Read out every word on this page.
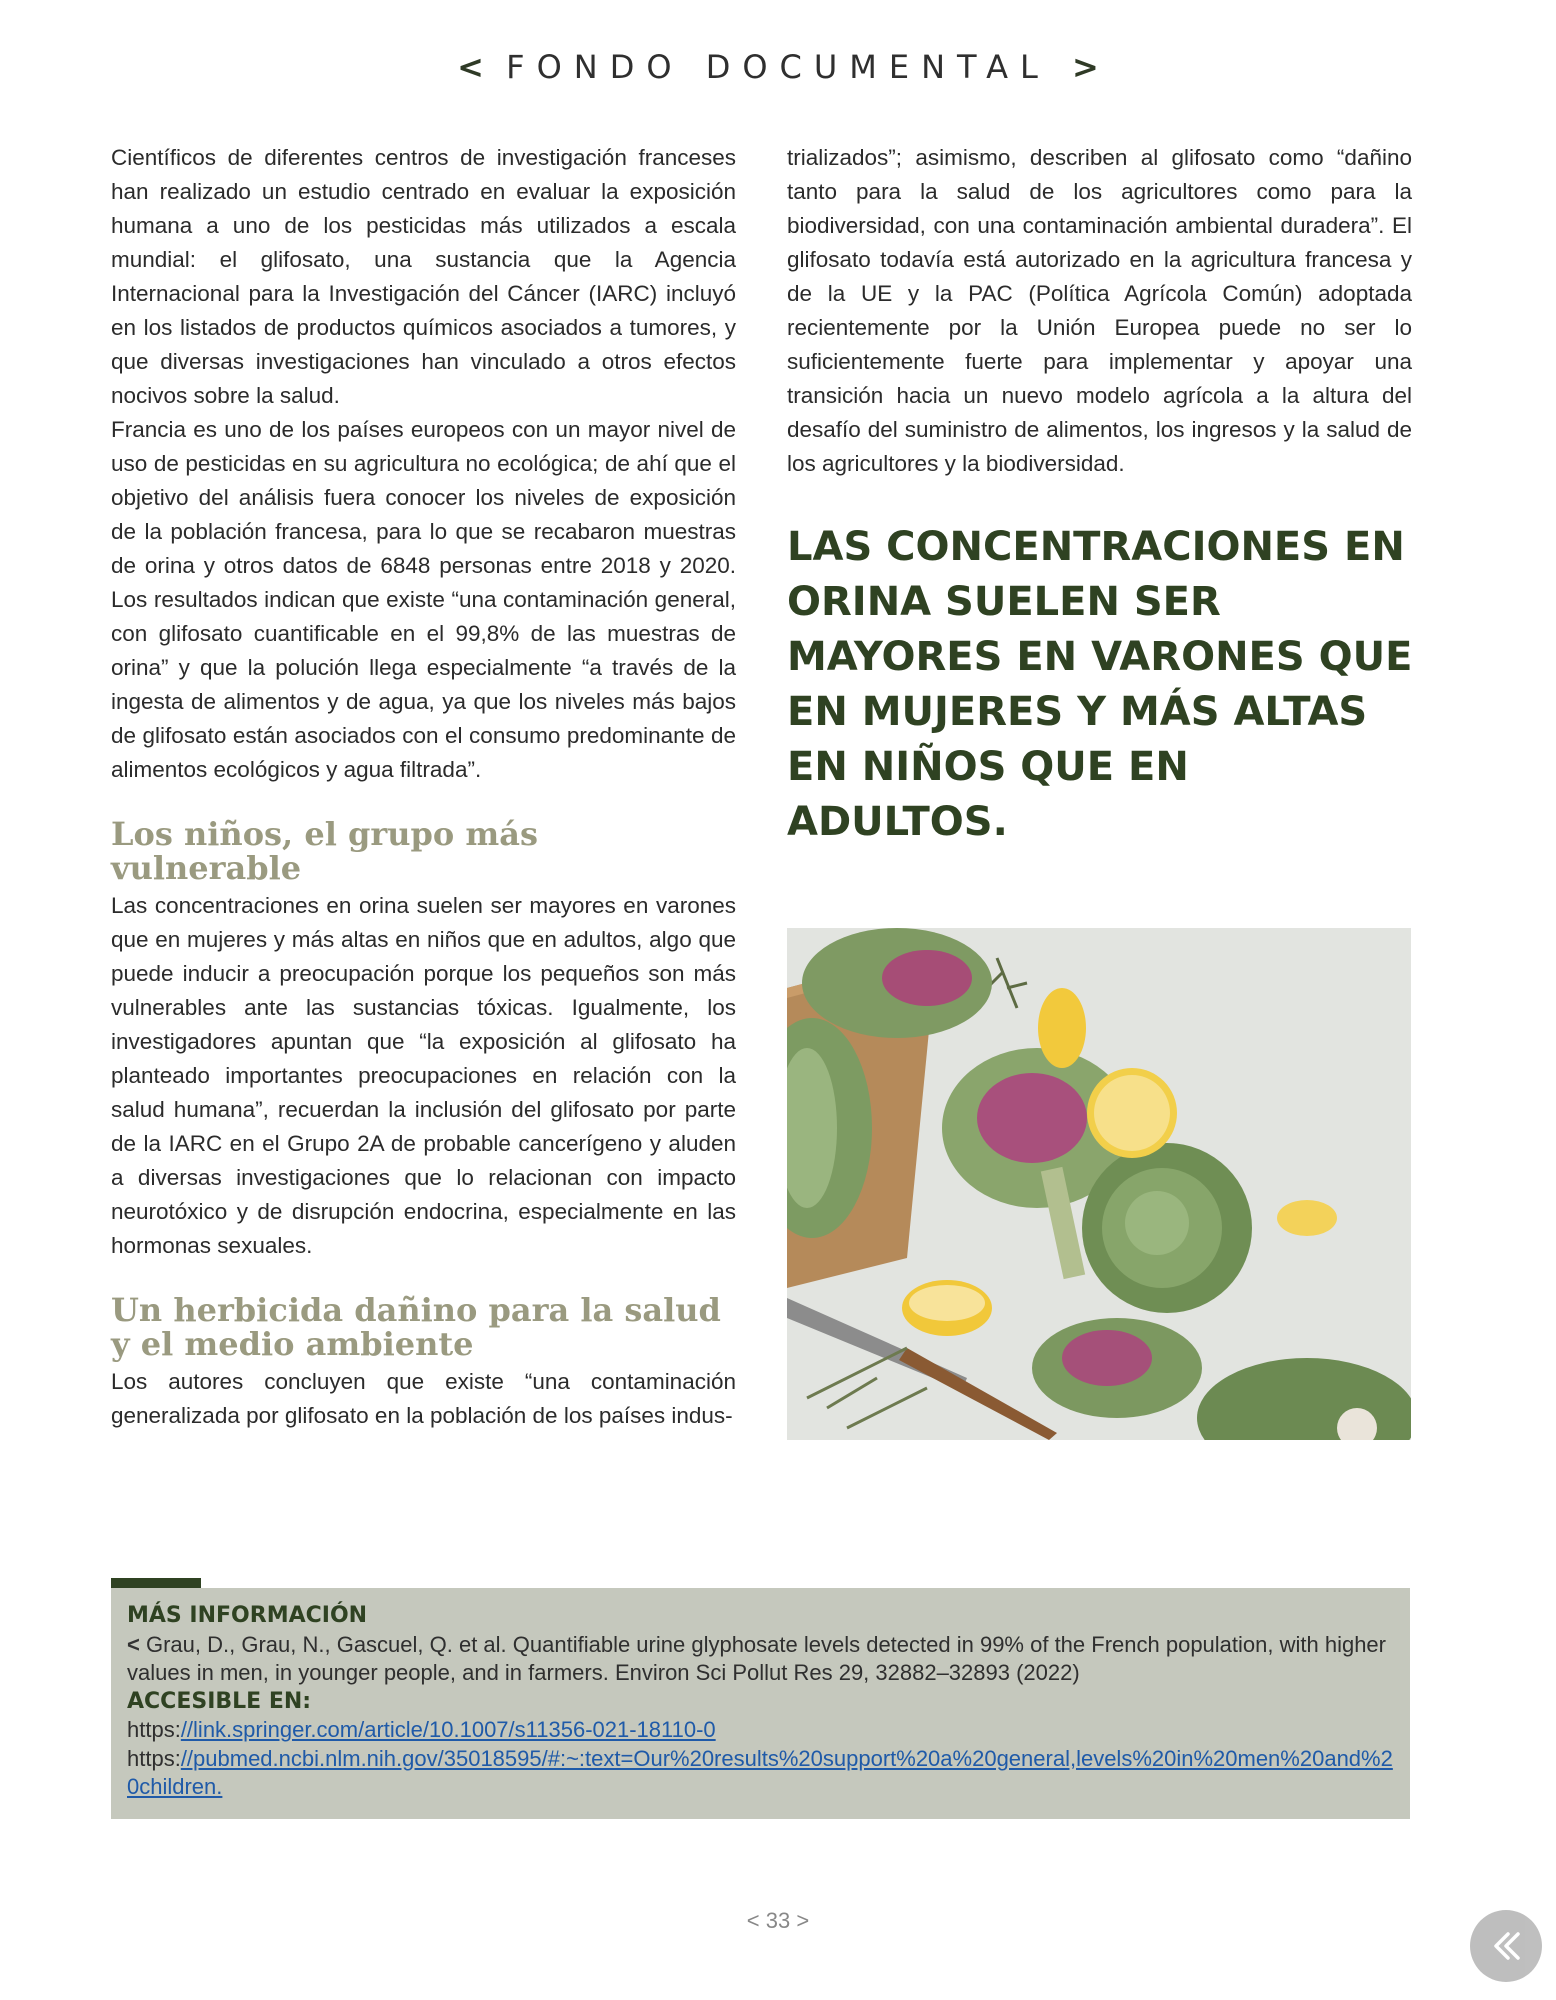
< FONDO DOCUMENTAL >

Científicos de diferentes centros de investigación franceses han realizado un estudio centrado en evaluar la exposición humana a uno de los pesticidas más utilizados a escala mundial: el glifosato, una sustancia que la Agencia Internacional para la Investigación del Cáncer (IARC) incluyó en los listados de productos químicos asociados a tumores, y que diversas investigaciones han vinculado a otros efectos nocivos sobre la salud.

Francia es uno de los países europeos con un mayor nivel de uso de pesticidas en su agricultura no ecológica; de ahí que el objetivo del análisis fuera conocer los niveles de exposición de la población francesa, para lo que se recabaron muestras de orina y otros datos de 6848 personas entre 2018 y 2020. Los resultados indican que existe “una contaminación general, con glifosato cuantificable en el 99,8% de las muestras de orina” y que la polución llega especialmente “a través de la ingesta de alimentos y de agua, ya que los niveles más bajos de glifosato están asociados con el consumo predominante de alimentos ecológicos y agua filtrada”.

Los niños, el grupo más vulnerable

Las concentraciones en orina suelen ser mayores en varones que en mujeres y más altas en niños que en adultos, algo que puede inducir a preocupación porque los pequeños son más vulnerables ante las sustancias tóxicas. Igualmente, los investigadores apuntan que “la exposición al glifosato ha planteado importantes preocupaciones en relación con la salud humana”, recuerdan la inclusión del glifosato por parte de la IARC en el Grupo 2A de probable cancerígeno y aluden a diversas investigaciones que lo relacionan con impacto neurotóxico y de disrupción endocrina, especialmente en las hormonas sexuales.

Un herbicida dañino para la salud y el medio ambiente

Los autores concluyen que existe “una contaminación generalizada por glifosato en la población de los países indus-

trializados”; asimismo, describen al glifosato como “dañino tanto para la salud de los agricultores como para la biodiversidad, con una contaminación ambiental duradera”. El glifosato todavía está autorizado en la agricultura francesa y de la UE y la PAC (Política Agrícola Común) adoptada recientemente por la Unión Europea puede no ser lo suficientemente fuerte para implementar y apoyar una transición hacia un nuevo modelo agrícola a la altura del desafío del suministro de alimentos, los ingresos y la salud de los agricultores y la biodiversidad.

LAS CONCENTRACIONES EN ORINA SUELEN SER MAYORES EN VARONES QUE EN MUJERES Y MÁS ALTAS EN NIÑOS QUE EN ADULTOS.
MÁS INFORMACIÓN
< Grau, D., Grau, N., Gascuel, Q. et al. Quantifiable urine glyphosate levels detected in 99% of the French population, with higher values in men, in younger people, and in farmers. Environ Sci Pollut Res 29, 32882–32893 (2022)
ACCESIBLE EN:
https://link.springer.com/article/10.1007/s11356-021-18110-0
https://pubmed.ncbi.nlm.nih.gov/35018595/#:~:text=Our%20results%20support%20a%20general,levels%20in%20men%20and%20children.
< 33 >
